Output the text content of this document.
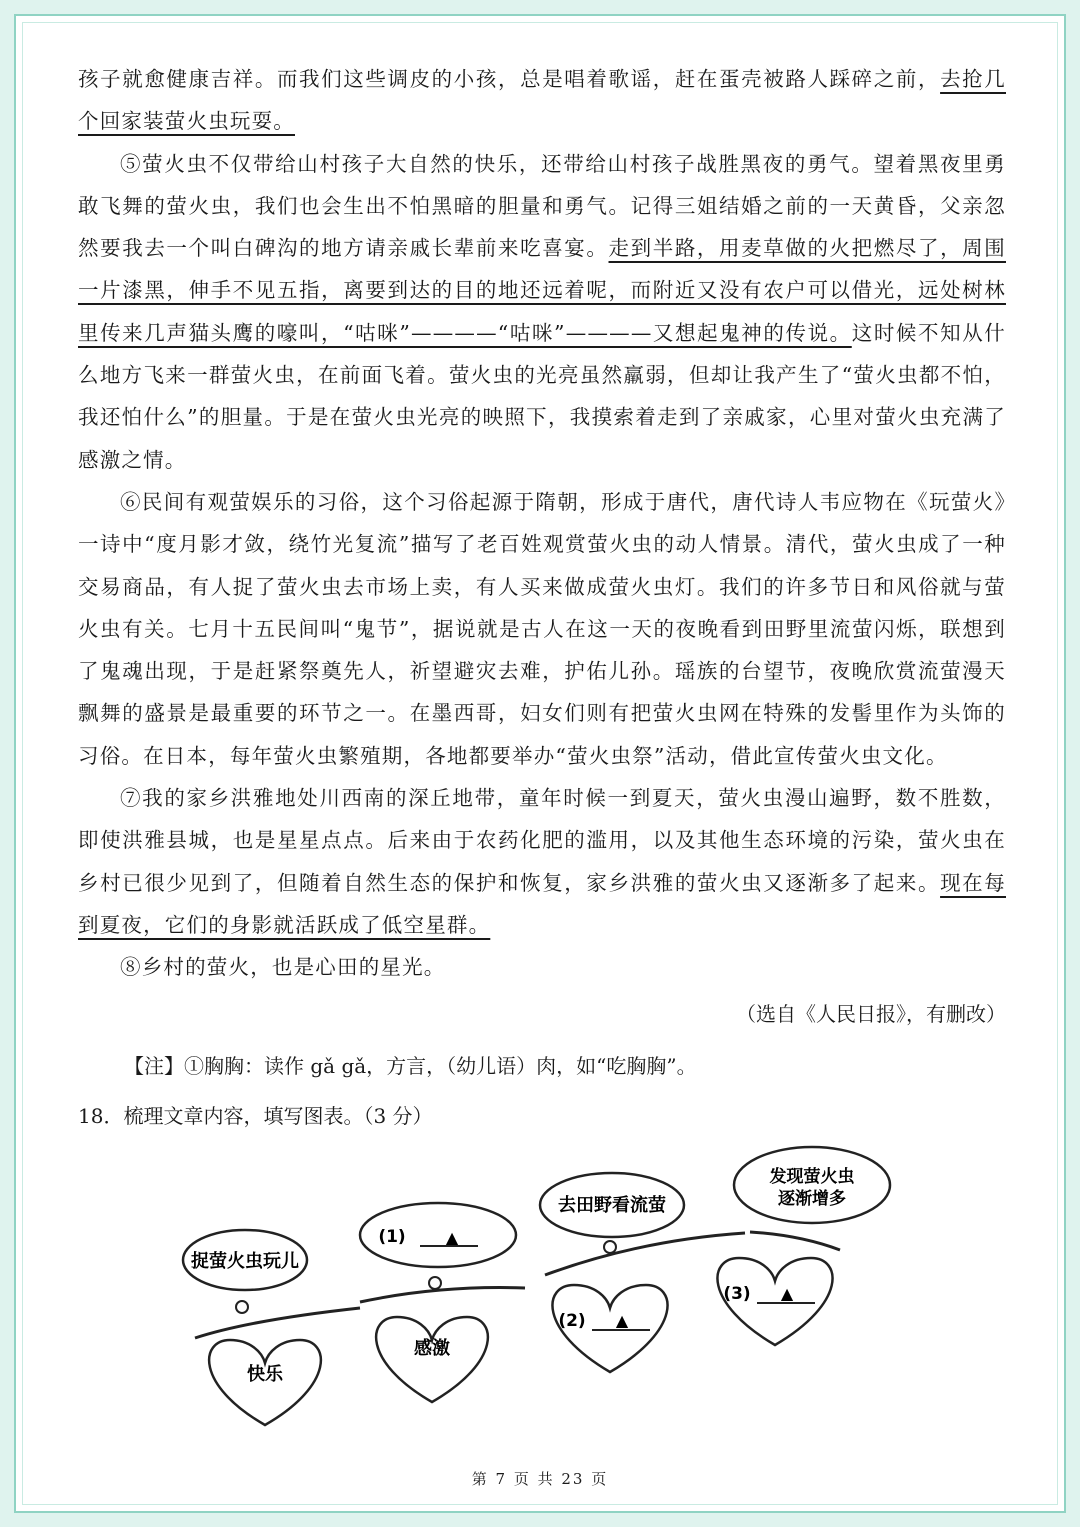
孩子就愈健康吉祥。而我们这些调皮的小孩，总是唱着歌谣，赶在蛋壳被路人踩碎之前，去抢几个回家装萤火虫玩耍。

⑤萤火虫不仅带给山村孩子大自然的快乐，还带给山村孩子战胜黑夜的勇气。望着黑夜里勇敢飞舞的萤火虫，我们也会生出不怕黑暗的胆量和勇气。记得三姐结婚之前的一天黄昏，父亲忽然要我去一个叫白碑沟的地方请亲戚长辈前来吃喜宴。走到半路，用麦草做的火把燃尽了，周围一片漆黑，伸手不见五指，离要到达的目的地还远着呢，而附近又没有农户可以借光，远处树林里传来几声猫头鹰的嚎叫，“咕咪”————“咕咪”————又想起鬼神的传说。这时候不知从什么地方飞来一群萤火虫，在前面飞着。萤火虫的光亮虽然羸弱，但却让我产生了“萤火虫都不怕，我还怕什么”的胆量。于是在萤火虫光亮的映照下，我摸索着走到了亲戚家，心里对萤火虫充满了感激之情。

⑥民间有观萤娱乐的习俗，这个习俗起源于隋朝，形成于唐代，唐代诗人韦应物在《玩萤火》一诗中“度月影才敛，绕竹光复流”描写了老百姓观赏萤火虫的动人情景。清代，萤火虫成了一种交易商品，有人捉了萤火虫去市场上卖，有人买来做成萤火虫灯。我们的许多节日和风俗就与萤火虫有关。七月十五民间叫“鬼节”，据说就是古人在这一天的夜晚看到田野里流萤闪烁，联想到了鬼魂出现，于是赶紧祭奠先人，祈望避灾去难，护佑儿孙。瑶族的台望节，夜晚欣赏流萤漫天飘舞的盛景是最重要的环节之一。在墨西哥，妇女们则有把萤火虫网在特殊的发髻里作为头饰的习俗。在日本，每年萤火虫繁殖期，各地都要举办“萤火虫祭”活动，借此宣传萤火虫文化。

⑦我的家乡洪雅地处川西南的深丘地带，童年时候一到夏天，萤火虫漫山遍野，数不胜数，即使洪雅县城，也是星星点点。后来由于农药化肥的滥用，以及其他生态环境的污染，萤火虫在乡村已很少见到了，但随着自然生态的保护和恢复，家乡洪雅的萤火虫又逐渐多了起来。现在每到夏夜，它们的身影就活跃成了低空星群。

⑧乡村的萤火，也是心田的星光。

（选自《人民日报》，有删改）
【注】①胸胸：读作 gǎ gǎ，方言，（幼儿语）肉，如“吃胸胸”。
18．梳理文章内容，填写图表。（3 分）
捉萤火虫玩儿
(1)	▲
去田野看流萤
发现萤火虫
逐渐增多
快乐
感激
(2) ▲
(3) ▲
第 7 页 共 23 页
